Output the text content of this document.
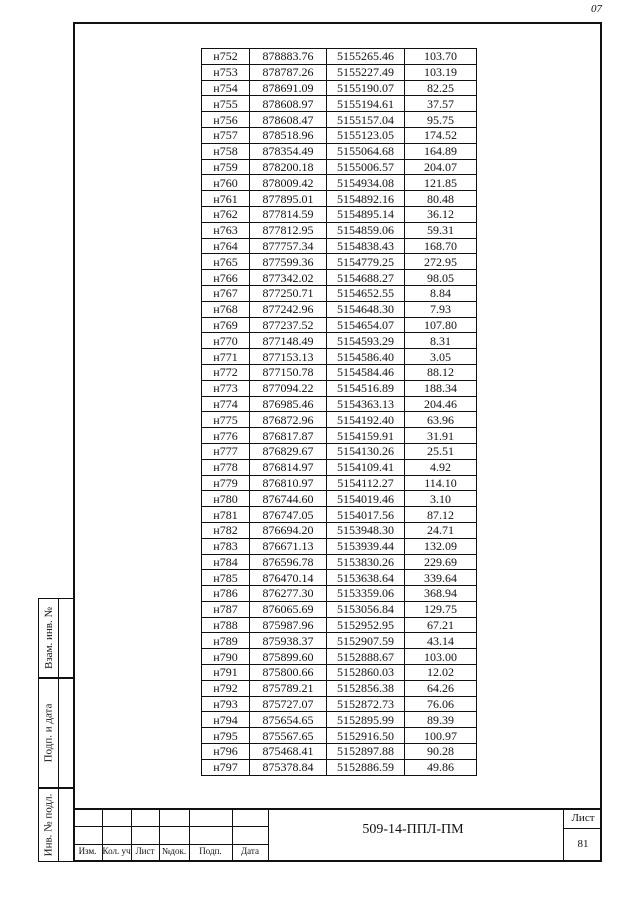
07
Взам. инв. №
Подп. и дата
Инв. № подл.
н752	878883.76	5155265.46	103.70
н753	878787.26	5155227.49	103.19
н754	878691.09	5155190.07	82.25
н755	878608.97	5155194.61	37.57
н756	878608.47	5155157.04	95.75
н757	878518.96	5155123.05	174.52
н758	878354.49	5155064.68	164.89
н759	878200.18	5155006.57	204.07
н760	878009.42	5154934.08	121.85
н761	877895.01	5154892.16	80.48
н762	877814.59	5154895.14	36.12
н763	877812.95	5154859.06	59.31
н764	877757.34	5154838.43	168.70
н765	877599.36	5154779.25	272.95
н766	877342.02	5154688.27	98.05
н767	877250.71	5154652.55	8.84
н768	877242.96	5154648.30	7.93
н769	877237.52	5154654.07	107.80
н770	877148.49	5154593.29	8.31
н771	877153.13	5154586.40	3.05
н772	877150.78	5154584.46	88.12
н773	877094.22	5154516.89	188.34
н774	876985.46	5154363.13	204.46
н775	876872.96	5154192.40	63.96
н776	876817.87	5154159.91	31.91
н777	876829.67	5154130.26	25.51
н778	876814.97	5154109.41	4.92
н779	876810.97	5154112.27	114.10
н780	876744.60	5154019.46	3.10
н781	876747.05	5154017.56	87.12
н782	876694.20	5153948.30	24.71
н783	876671.13	5153939.44	132.09
н784	876596.78	5153830.26	229.69
н785	876470.14	5153638.64	339.64
н786	876277.30	5153359.06	368.94
н787	876065.69	5153056.84	129.75
н788	875987.96	5152952.95	67.21
н789	875938.37	5152907.59	43.14
н790	875899.60	5152888.67	103.00
н791	875800.66	5152860.03	12.02
н792	875789.21	5152856.38	64.26
н793	875727.07	5152872.73	76.06
н794	875654.65	5152895.99	89.39
н795	875567.65	5152916.50	100.97
н796	875468.41	5152897.88	90.28
н797	875378.84	5152886.59	49.86
Изм. Кол. уч Лист №док.	Подп.	Дата
509-14-ППЛ-ПМ
Лист
81
